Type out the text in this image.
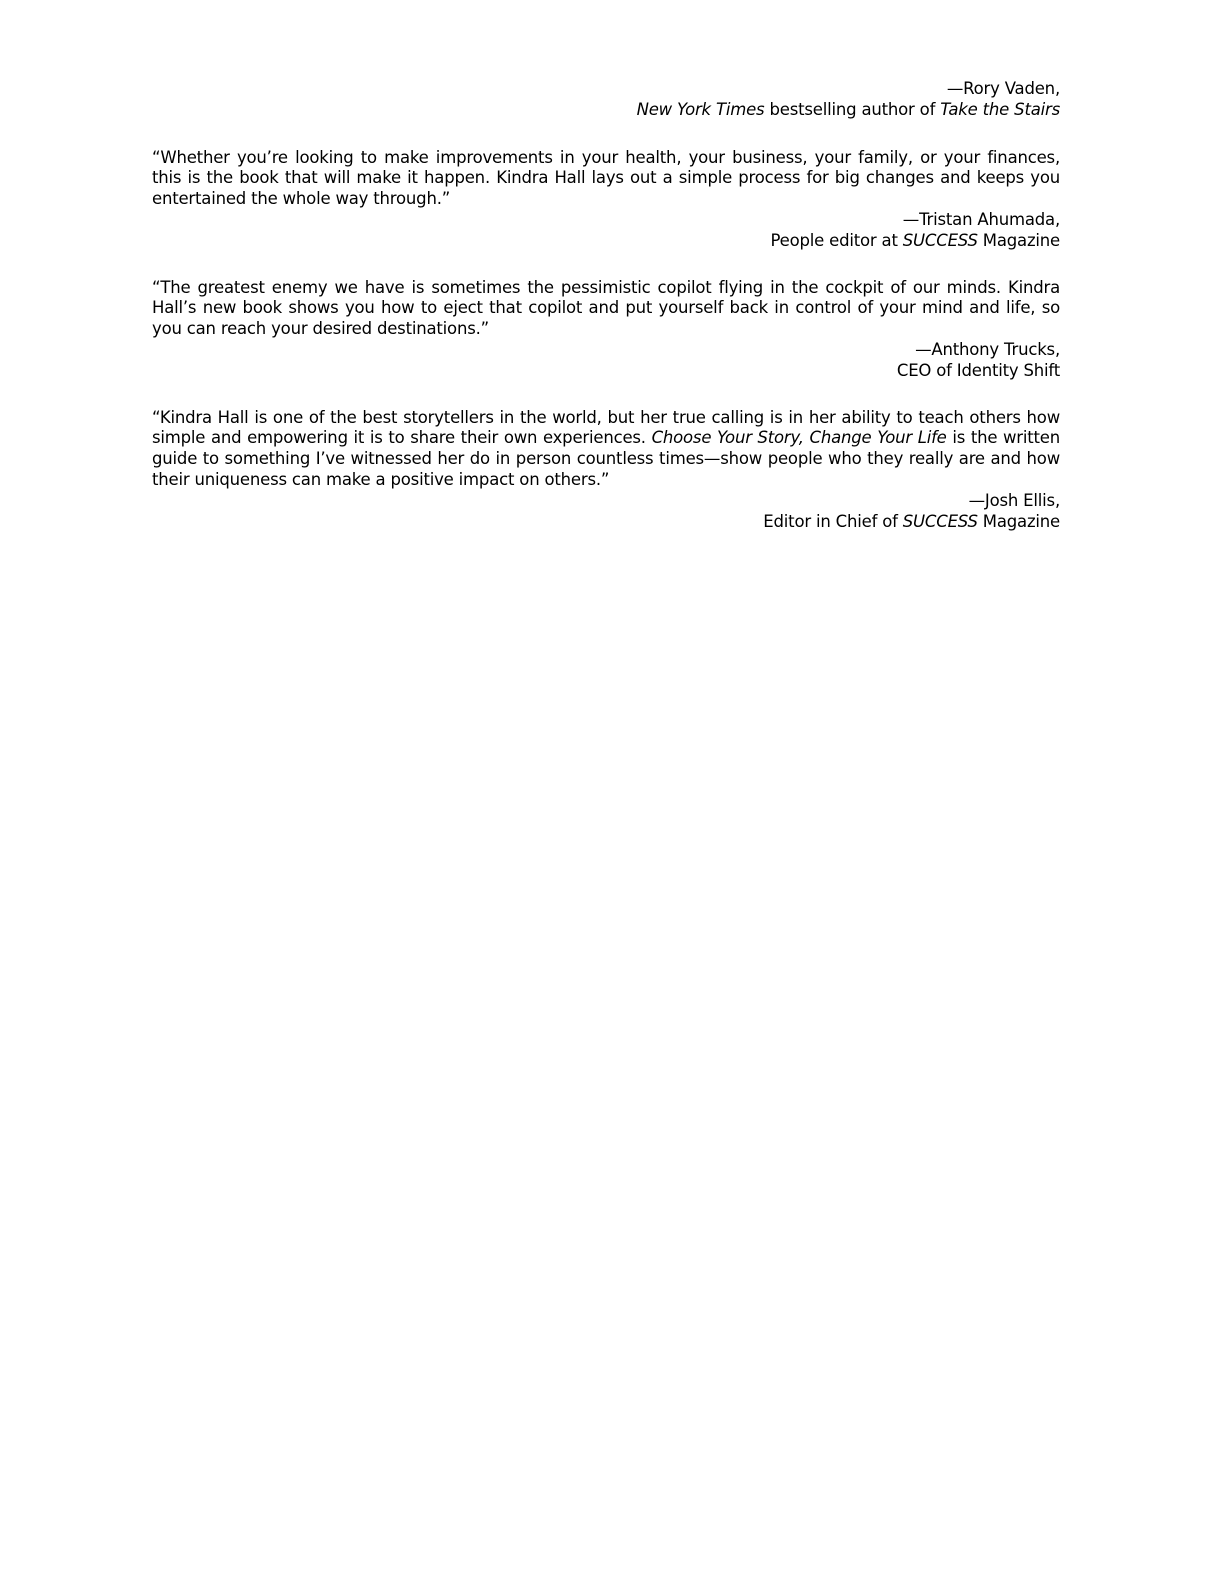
—Rory Vaden,

New York Times bestselling author of Take the Stairs

“Whether you’re looking to make improvements in your health, your business, your family, or your finances, this is the book that will make it happen. Kindra Hall lays out a simple process for big changes and keeps you entertained the whole way through.”

—Tristan Ahumada,

People editor at SUCCESS Magazine

“The greatest enemy we have is sometimes the pessimistic copilot flying in the cockpit of our minds. Kindra Hall’s new book shows you how to eject that copilot and put yourself back in control of your mind and life, so you can reach your desired destinations.”

—Anthony Trucks,

CEO of Identity Shift

“Kindra Hall is one of the best storytellers in the world, but her true calling is in her ability to teach others how simple and empowering it is to share their own experiences. Choose Your Story, Change Your Life is the written guide to something I’ve witnessed her do in person countless times—show people who they really are and how their uniqueness can make a positive impact on others.”

—Josh Ellis,

Editor in Chief of SUCCESS Magazine
